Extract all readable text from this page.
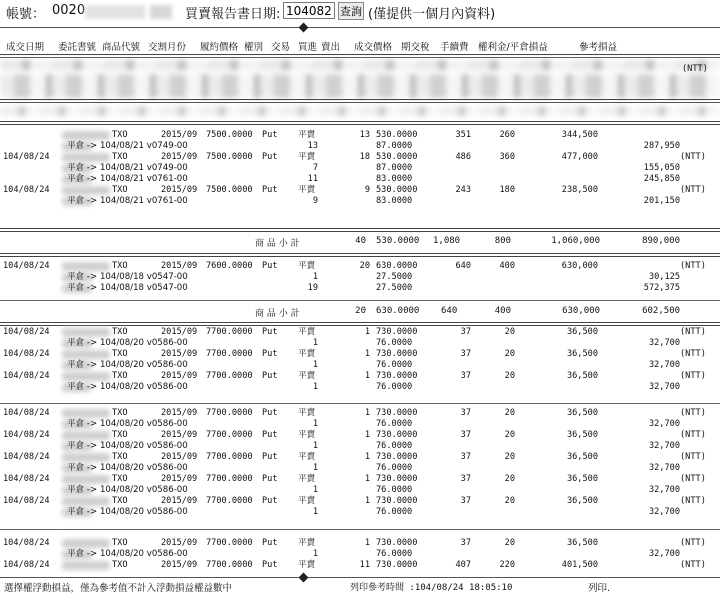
帳號： 0020	買賣報告書日期:
1040824	查詢 (僅提供一個月內資料)
成交日期 委託書號 商品代號 交割月份 履約價格 權別 交易 買進 賣出 成交價格 期交稅 手續費 權利金/平倉損益	參考損益
(NTT)
TXO	2015/09 7500.0000 Put 平賣	13 530.0000	351	260	344,500
平倉 -> 104/08/21 v0749-00	13	87.0000	287,950
104/08/24	TXO	2015/09 7500.0000 Put 平賣	18 530.0000	486	360	477,000	(NTT)
平倉 -> 104/08/21 v0749-00	7	87.0000	155,050
平倉 -> 104/08/21 v0761-00	11	83.0000	245,850
104/08/24	TXO	2015/09 7500.0000 Put 平賣	9 530.0000	243	180	238,500	(NTT)
平倉 -> 104/08/21 v0761-00	9	83.0000	201,150
商 品 小 計	40 530.0000 1,080	800	1,060,000	890,000
104/08/24	TXO	2015/09 7600.0000 Put 平賣	20 630.0000	640	400	630,000	(NTT)
平倉 -> 104/08/18 v0547-00	1	27.5000	30,125
平倉 -> 104/08/18 v0547-00	19	27.5000	572,375
商 品 小 計	20 630.0000 640	400	630,000	602,500
104/08/24	TXO	2015/09 7700.0000 Put 平賣	1 730.0000	37	20	36,500	(NTT)
平倉 -> 104/08/20 v0586-00	1	76.0000	32,700
104/08/24	TXO	2015/09 7700.0000 Put 平賣	1 730.0000	37	20	36,500	(NTT)
平倉 -> 104/08/20 v0586-00	1	76.0000	32,700
104/08/24	TXO	2015/09 7700.0000 Put 平賣	1 730.0000	37	20	36,500	(NTT)
平倉 -> 104/08/20 v0586-00	1	76.0000	32,700
104/08/24	TXO	2015/09 7700.0000 Put 平賣	1 730.0000	37	20	36,500	(NTT)
平倉 -> 104/08/20 v0586-00	1	76.0000	32,700
104/08/24	TXO	2015/09 7700.0000 Put 平賣	1 730.0000	37	20	36,500	(NTT)
平倉 -> 104/08/20 v0586-00	1	76.0000	32,700
104/08/24	TXO	2015/09 7700.0000 Put 平賣	1 730.0000	37	20	36,500	(NTT)
平倉 -> 104/08/20 v0586-00	1	76.0000	32,700
104/08/24	TXO	2015/09 7700.0000 Put 平賣	1 730.0000	37	20	36,500	(NTT)
平倉 -> 104/08/20 v0586-00	1	76.0000	32,700
104/08/24	TXO	2015/09 7700.0000 Put 平賣	1 730.0000	37	20	36,500	(NTT)
平倉 -> 104/08/20 v0586-00	1	76.0000	32,700
104/08/24	TXO	2015/09 7700.0000 Put 平賣	1 730.0000	37	20	36,500	(NTT)
平倉 -> 104/08/20 v0586-00	1	76.0000	32,700
104/08/24	TXO	2015/09 7700.0000 Put 平賣	11 730.0000	407	220	401,500	(NTT)
選擇權浮動損益，僅為參考值不計入浮動損益權益數中	列印參考時間 :104/08/24 18:05:10	列印.
